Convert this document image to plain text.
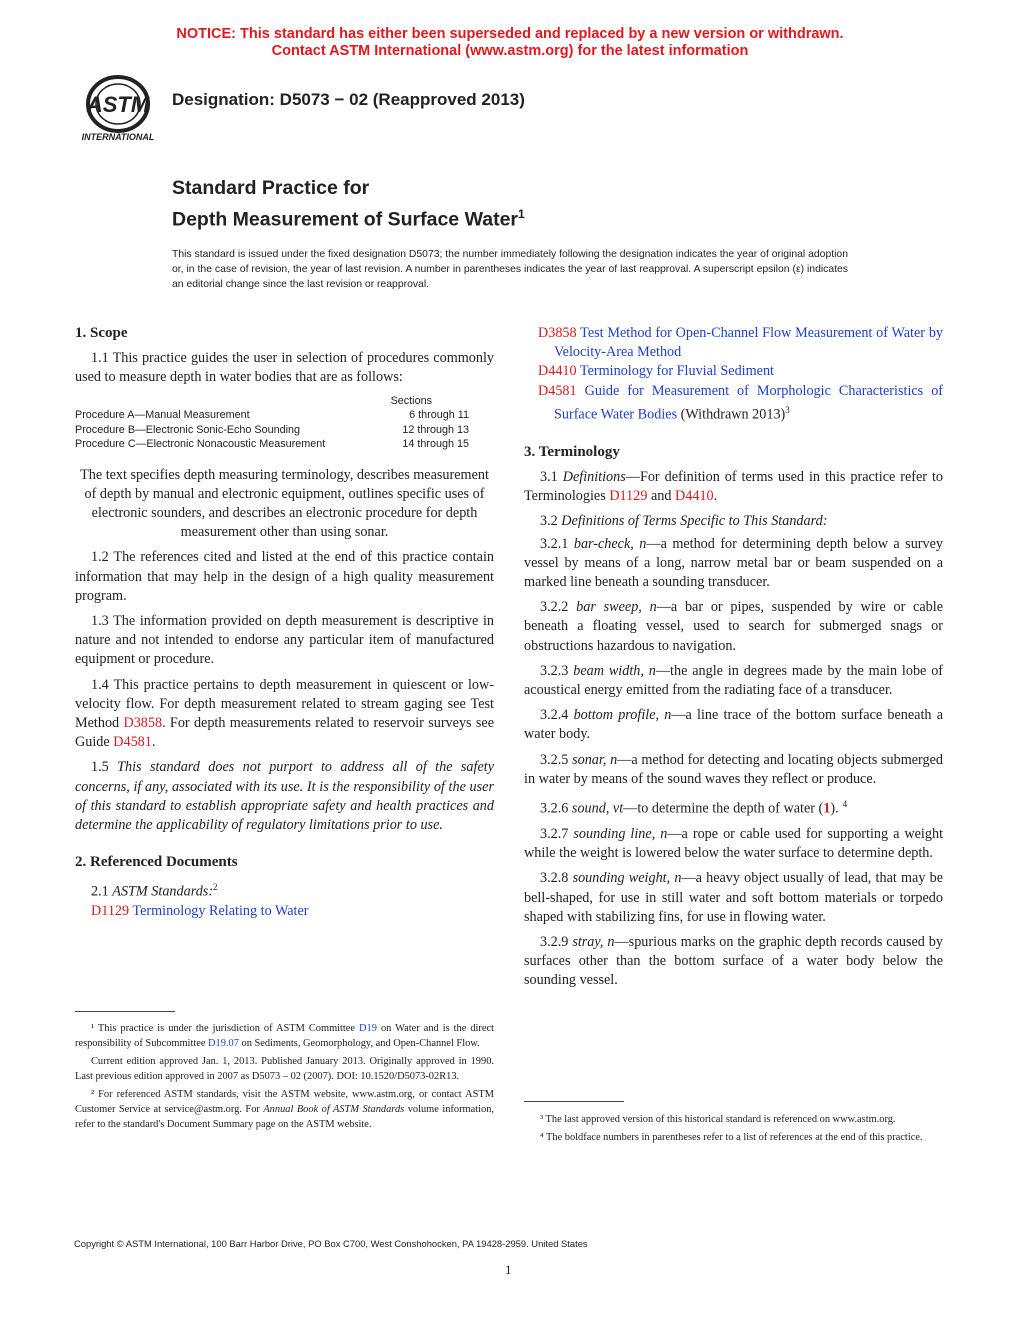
NOTICE: This standard has either been superseded and replaced by a new version or withdrawn.
Contact ASTM International (www.astm.org) for the latest information
ASTM
INTERNATIONAL
Designation: D5073 − 02 (Reapproved 2013)
Standard Practice for
Depth Measurement of Surface Water$^1$
This standard is issued under the fixed designation D5073; the number immediately following the designation indicates the year of original adoption or, in the case of revision, the year of last revision. A number in parentheses indicates the year of last reapproval. A superscript epsilon (ε) indicates an editorial change since the last revision or reapproval.
1. Scope

1.1 This practice guides the user in selection of procedures commonly used to measure depth in water bodies that are as follows:

Sections
Procedure A—Manual Measurement	6 through 11
Procedure B—Electronic Sonic-Echo Sounding	12 through 13
Procedure C—Electronic Nonacoustic Measurement	14 through 15

The text specifies depth measuring terminology, describes measurement of depth by manual and electronic equipment, outlines specific uses of electronic sounders, and describes an electronic procedure for depth measurement other than using sonar.

1.2 The references cited and listed at the end of this practice contain information that may help in the design of a high quality measurement program.

1.3 The information provided on depth measurement is descriptive in nature and not intended to endorse any particular item of manufactured equipment or procedure.

1.4 This practice pertains to depth measurement in quiescent or low-velocity flow. For depth measurement related to stream gaging see Test Method D3858. For depth measurements related to reservoir surveys see Guide D4581.

1.5 This standard does not purport to address all of the safety concerns, if any, associated with its use. It is the responsibility of the user of this standard to establish appropriate safety and health practices and determine the applicability of regulatory limitations prior to use.

2. Referenced Documents

2.1 ASTM Standards:$^2$

D1129 Terminology Relating to Water

¹ This practice is under the jurisdiction of ASTM Committee D19 on Water and is the direct responsibility of Subcommittee D19.07 on Sediments, Geomorphology, and Open-Channel Flow.

Current edition approved Jan. 1, 2013. Published January 2013. Originally approved in 1990. Last previous edition approved in 2007 as D5073 – 02 (2007). DOI: 10.1520/D5073-02R13.

² For referenced ASTM standards, visit the ASTM website, www.astm.org, or contact ASTM Customer Service at service@astm.org. For Annual Book of ASTM Standards volume information, refer to the standard's Document Summary page on the ASTM website.

D3858 Test Method for Open-Channel Flow Measurement of Water by Velocity-Area Method

D4410 Terminology for Fluvial Sediment

D4581 Guide for Measurement of Morphologic Characteristics of Surface Water Bodies (Withdrawn 2013)$^3$

3. Terminology

3.1 Definitions—For definition of terms used in this practice refer to Terminologies D1129 and D4410.

3.2 Definitions of Terms Specific to This Standard:

3.2.1 bar-check, n—a method for determining depth below a survey vessel by means of a long, narrow metal bar or beam suspended on a marked line beneath a sounding transducer.

3.2.2 bar sweep, n—a bar or pipes, suspended by wire or cable beneath a floating vessel, used to search for submerged snags or obstructions hazardous to navigation.

3.2.3 beam width, n—the angle in degrees made by the main lobe of acoustical energy emitted from the radiating face of a transducer.

3.2.4 bottom profile, n—a line trace of the bottom surface beneath a water body.

3.2.5 sonar, n—a method for detecting and locating objects submerged in water by means of the sound waves they reflect or produce.

3.2.6 sound, vt—to determine the depth of water (1). $^4$

3.2.7 sounding line, n—a rope or cable used for supporting a weight while the weight is lowered below the water surface to determine depth.

3.2.8 sounding weight, n—a heavy object usually of lead, that may be bell-shaped, for use in still water and soft bottom materials or torpedo shaped with stabilizing fins, for use in flowing water.

3.2.9 stray, n—spurious marks on the graphic depth records caused by surfaces other than the bottom surface of a water body below the sounding vessel.

³ The last approved version of this historical standard is referenced on www.astm.org.

⁴ The boldface numbers in parentheses refer to a list of references at the end of this practice.

Copyright © ASTM International, 100 Barr Harbor Drive, PO Box C700, West Conshohocken, PA 19428-2959. United States
1
